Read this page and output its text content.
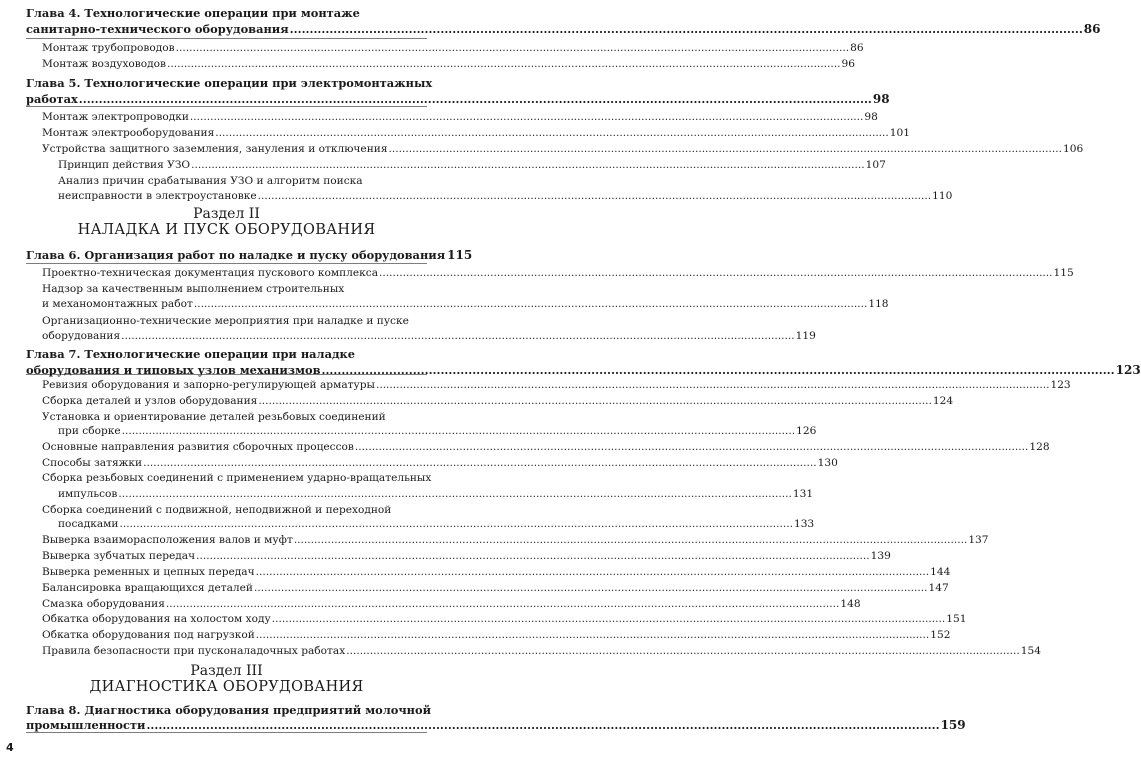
Раздел II
НАЛАДКА И ПУСК ОБОРУДОВАНИЯ
Раздел III
ДИАГНОСТИКА ОБОРУДОВАНИЯ
Глава 4. Технологические операции при монтаже
санитарно-технического оборудования .....	86
Монтаж трубопроводов .....	86
Монтаж воздуховодов .....	96
Глава 5. Технологические операции при электромонтажных
работах .....	98
Монтаж электропроводки .....	98
Монтаж электрооборудования .....	101
Устройства защитного заземления, зануления и отключения .....	106
Принцип действия УЗО .....	107
Анализ причин срабатывания УЗО и алгоритм поиска
неисправности в электроустановке .....	110
Глава 6. Организация работ по наладке и пуску оборудования 115
Проектно-техническая документация пускового комплекса .....	115
Надзор за качественным выполнением строительных
и механомонтажных работ .....	118
Организационно-технические мероприятия при наладке и пуске
оборудования .....	119
Глава 7. Технологические операции при наладке
оборудования и типовых узлов механизмов .....	123
Ревизия оборудования и запорно-регулирующей арматуры .....	123
Сборка деталей и узлов оборудования .....	124
Установка и ориентирование деталей резьбовых соединений
при сборке .....	126
Основные направления развития сборочных процессов .....	128
Способы затяжки .....	130
Сборка резьбовых соединений с применением ударно-вращательных
импульсов .....	131
Сборка соединений с подвижной, неподвижной и переходной
посадками .....	133
Выверка взаиморасположения валов и муфт .....	137
Выверка зубчатых передач .....	139
Выверка ременных и цепных передач .....	144
Балансировка вращающихся деталей .....	147
Смазка оборудования .....	148
Обкатка оборудования на холостом ходу .....	151
Обкатка оборудования под нагрузкой .....	152
Правила безопасности при пусконаладочных работах .....	154
Глава 8. Диагностика оборудования предприятий молочной
промышленности .....	159
4
